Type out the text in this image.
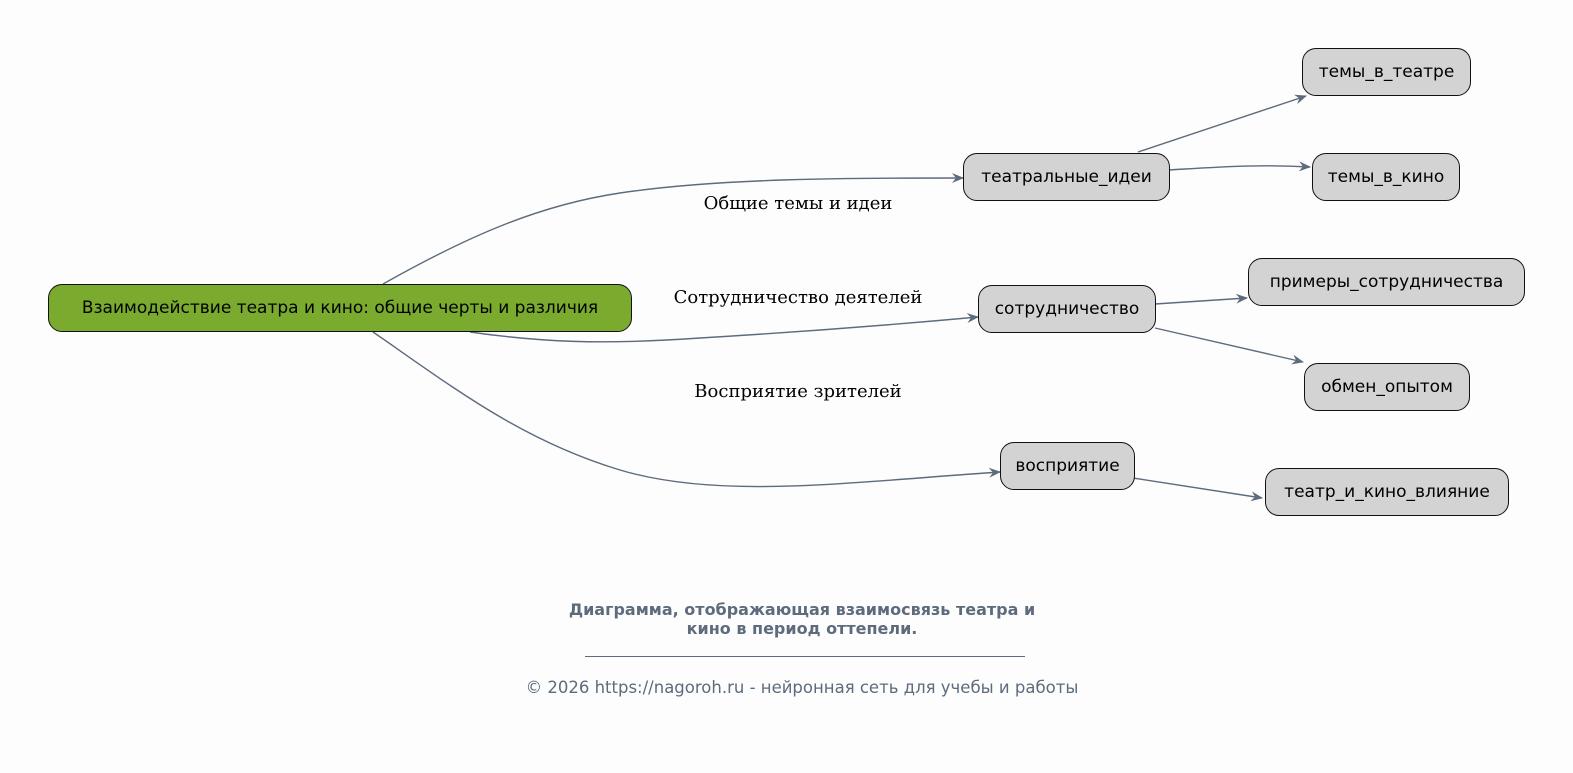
Взаимодействие театра и кино: общие черты и различия
театральные_идеи
сотрудничество
восприятие
темы_в_театре
темы_в_кино
примеры_сотрудничества
обмен_опытом
театр_и_кино_влияние
Общие темы и идеи
Сотрудничество деятелей
Восприятие зрителей
Диаграмма, отображающая взаимосвязь театра и
кино в период оттепели.
© 2026 https://nagoroh.ru - нейронная сеть для учебы и работы
